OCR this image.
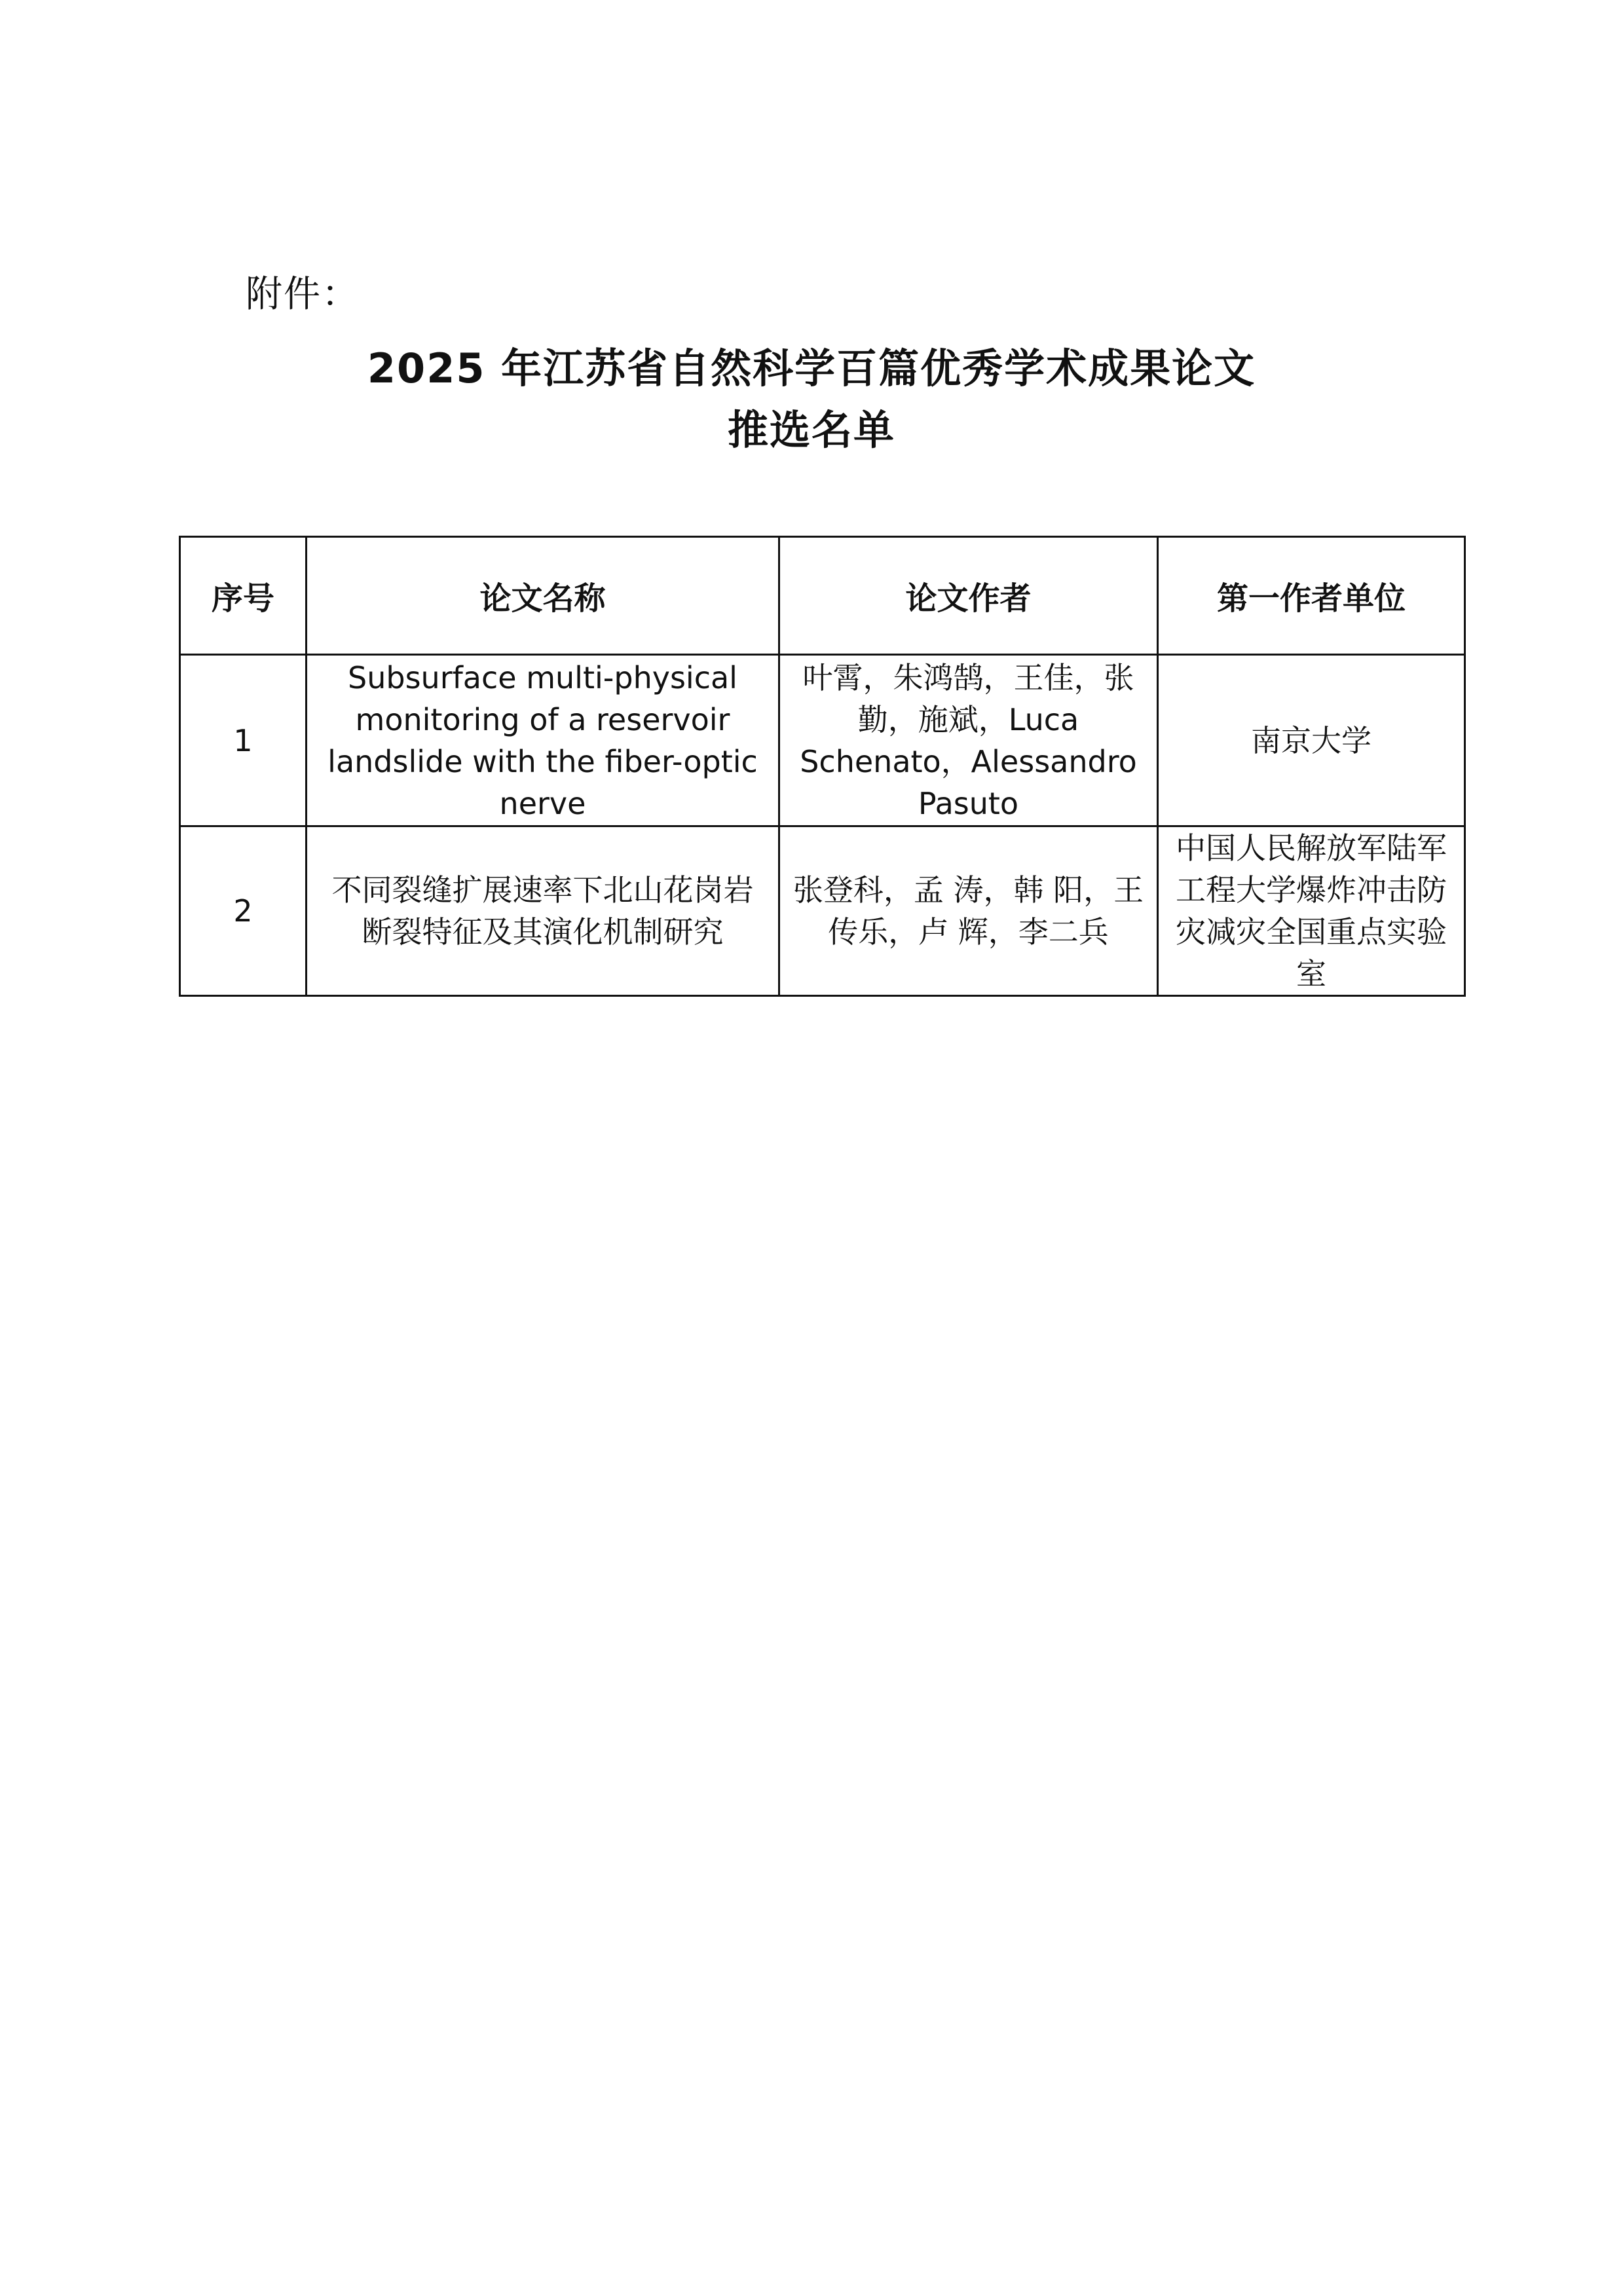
附件：
2025 年江苏省自然科学百篇优秀学术成果论文
推选名单
序号	论文名称	论文作者	第一作者单位
1	Subsurface multi-physical monitoring of a reservoir landslide with the fiber-optic nerve	叶霄，朱鸿鹄，王佳，张勤，施斌，Luca Schenato，Alessandro Pasuto	南京大学
2	不同裂缝扩展速率下北山花岗岩断裂特征及其演化机制研究	张登科，孟 涛，韩 阳，王传乐，卢 辉，李二兵	中国人民解放军陆军工程大学爆炸冲击防灾减灾全国重点实验室
